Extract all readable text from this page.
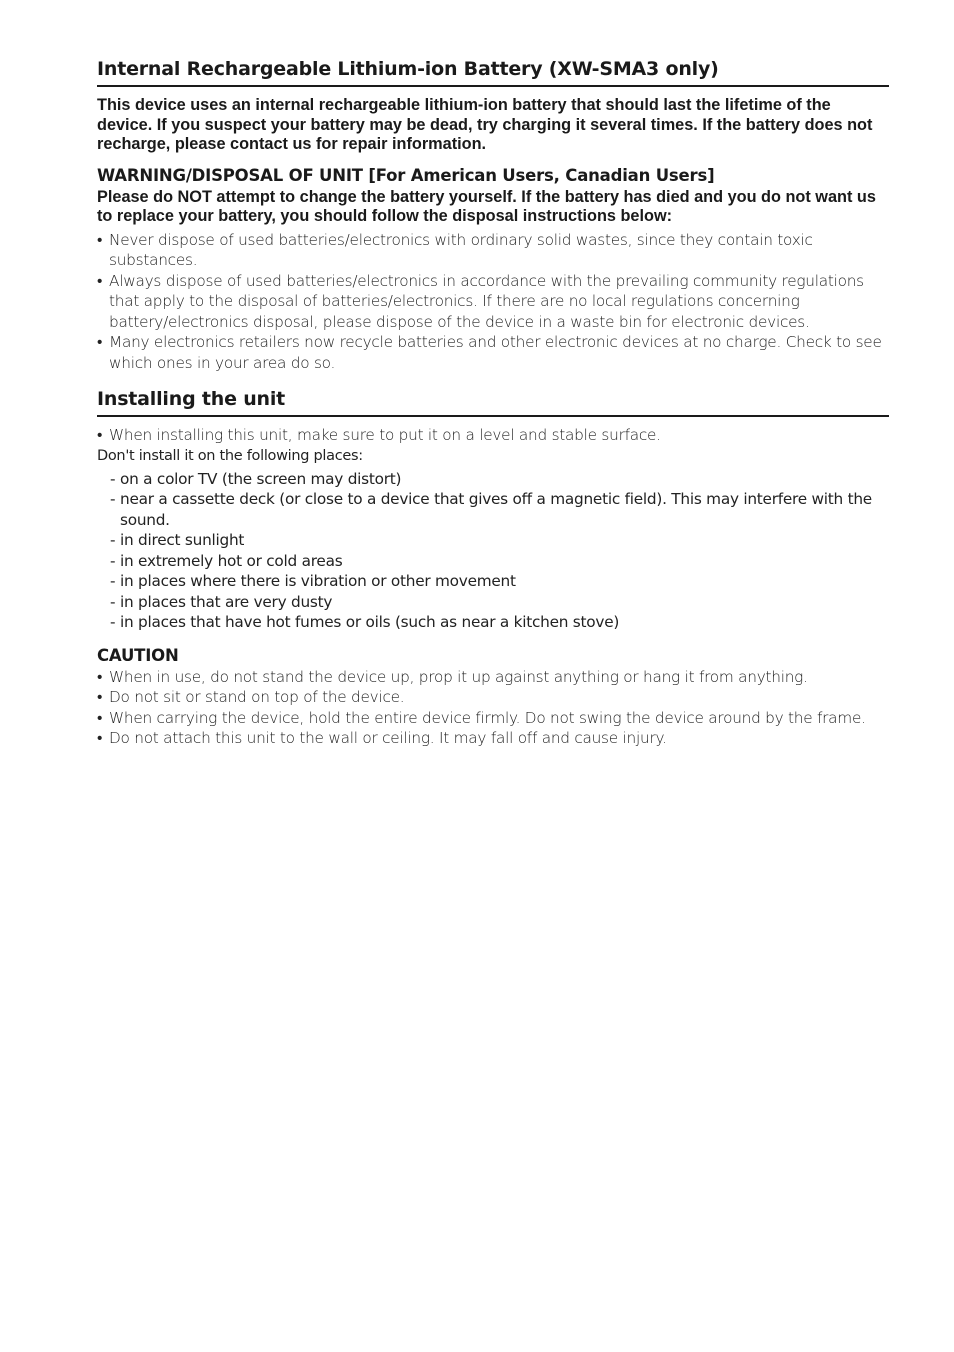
Internal Rechargeable Lithium-ion Battery (XW-SMA3 only)

This device uses an internal rechargeable lithium-ion battery that should last the lifetime of the device. If you suspect your battery may be dead, try charging it several times. If the battery does not recharge, please contact us for repair information.

WARNING/DISPOSAL OF UNIT [For American Users, Canadian Users]

Please do NOT attempt to change the battery yourself. If the battery has died and you do not want us to replace your battery, you should follow the disposal instructions below:

• Never dispose of used batteries/electronics with ordinary solid wastes, since they contain toxic substances.
• Always dispose of used batteries/electronics in accordance with the prevailing community regulations that apply to the disposal of batteries/electronics. If there are no local regulations concerning battery/electronics disposal, please dispose of the device in a waste bin for electronic devices.
• Many electronics retailers now recycle batteries and other electronic devices at no charge. Check to see which ones in your area do so.
Installing the unit
• When installing this unit, make sure to put it on a level and stable surface.

Don't install it on the following places:

- on a color TV (the screen may distort)
- near a cassette deck (or close to a device that gives off a magnetic field). This may interfere with the sound.
- in direct sunlight
- in extremely hot or cold areas
- in places where there is vibration or other movement
- in places that are very dusty
- in places that have hot fumes or oils (such as near a kitchen stove)
CAUTION
• When in use, do not stand the device up, prop it up against anything or hang it from anything.
• Do not sit or stand on top of the device.
• When carrying the device, hold the entire device firmly. Do not swing the device around by the frame.
• Do not attach this unit to the wall or ceiling. It may fall off and cause injury.
